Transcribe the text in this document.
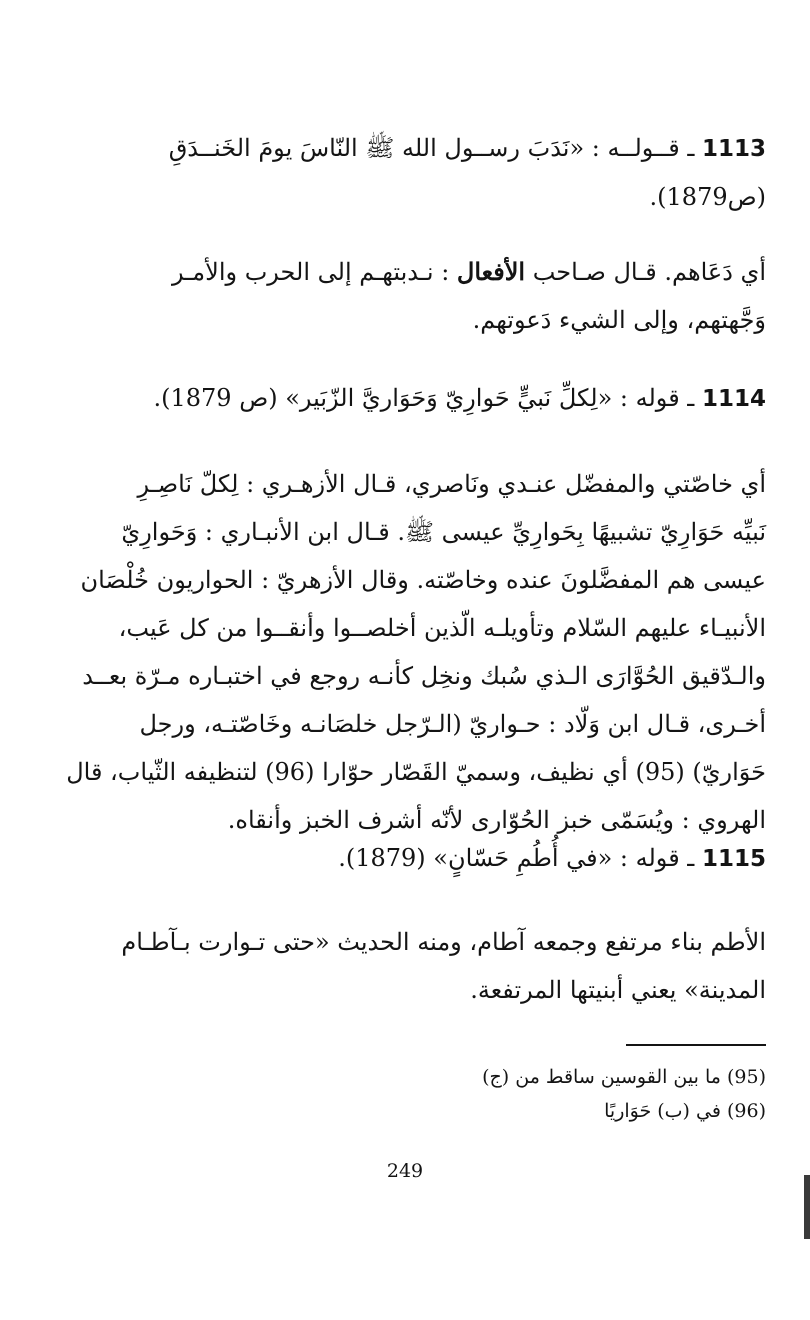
1113 ـ قــولــه : «نَدَبَ رســول الله ﷺ النّاسَ يومَ الخَنــدَقِ
(ص1879).
أي دَعَاهم. قـال صـاحب الأفعال : نـدبتهـم إلى الحرب والأمـر
وَجَّهتهم، وإلى الشيء دَعوتهم.
1114 ـ قوله : «لِكلِّ نَبيٍّ حَوارِيّ وَحَوَاريَّ الزّبَير» (ص 1879).
أي خاصّتي والمفضّل عنـدي ونَاصري، قـال الأزهـري : لِكلّ نَاصِـرِ
نَبيِّه حَوَارِيّ تشبيهًا بِحَوارِيِّ عيسى ﷺ. قـال ابن الأنبـاري : وَحَوارِيّ
عيسى هم المفضَّلونَ عنده وخاصّته. وقال الأزهريّ : الحواريون خُلْصَان
الأنبيـاء عليهم السّلام وتأويلـه الّذين أخلصــوا وأنقــوا من كل عَيب،
والـدّقيق الحُوَّارَى الـذي سُبك ونخِل كأنـه روجع في اختبـاره مـرّة بعــد
أخـرى، قـال ابن وَلّاد : حـواريّ (الـرّجل خلصَانـه وخَاصّتـه، ورجل
حَوَاريّ) (95) أي نظيف، وسميّ القَصّار حوّارا (96) لتنظيفه الثّياب، قال
الهروي : ويُسَمّى خبز الحُوّارى لأنّه أشرف الخبز وأنقاه.
1115 ـ قوله : «في أُطُمِ حَسّانٍ» (1879).
الأطم بناء مرتفع وجمعه آطام، ومنه الحديث «حتى تـوارت بـآطـام
المدينة» يعني أبنيتها المرتفعة.
(95) ما بين القوسين ساقط من (ج)
(96) في (ب) حَوَاريًا
249
